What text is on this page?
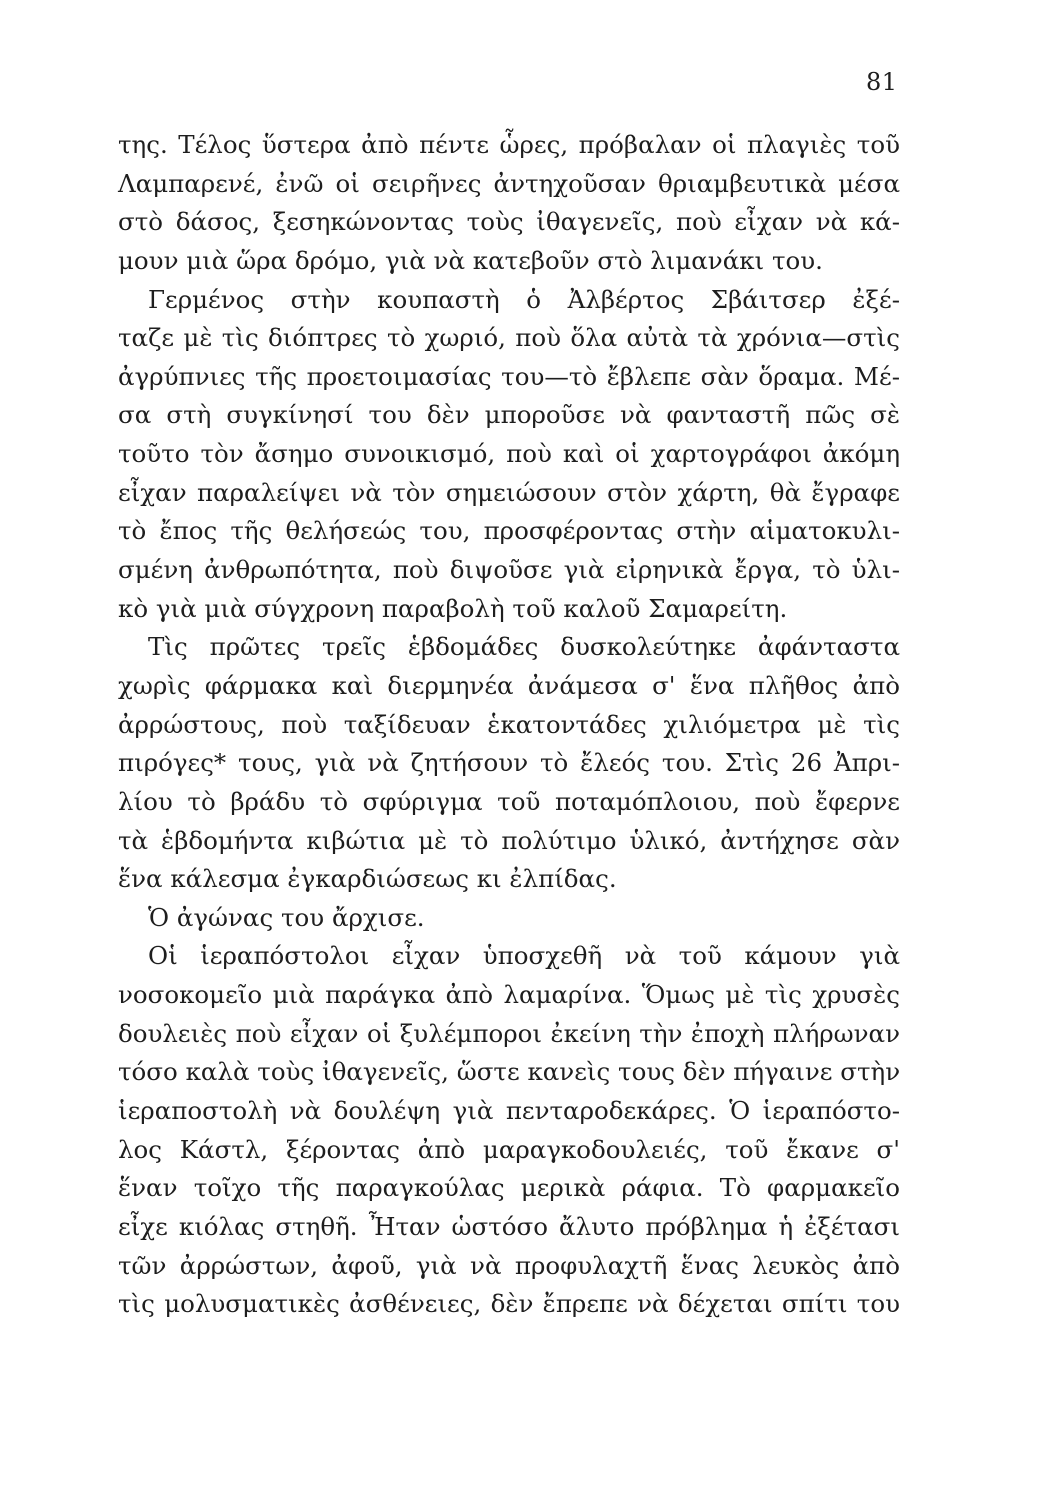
81
της. Τέλος ὕστερα ἀπὸ πέντε ὧρες, πρόβαλαν οἱ πλαγιὲς τοῦ
Λαμπαρενέ, ἐνῶ οἱ σειρῆνες ἀντηχοῦσαν θριαμβευτικὰ μέσα
στὸ δάσος, ξεσηκώνοντας τοὺς ἰθαγενεῖς, ποὺ εἶχαν νὰ κά-
μουν μιὰ ὥρα δρόμο, γιὰ νὰ κατεβοῦν στὸ λιμανάκι του.
Γερμένος στὴν κουπαστὴ ὁ Ἀλβέρτος Σβάιτσερ ἐξέ-
ταζε μὲ τὶς διόπτρες τὸ χωριό, ποὺ ὅλα αὐτὰ τὰ χρόνια—στὶς
ἀγρύπνιες τῆς προετοιμασίας του—τὸ ἔβλεπε σὰν ὅραμα. Μέ-
σα στὴ συγκίνησί του δὲν μποροῦσε νὰ φανταστῆ πῶς σὲ
τοῦτο τὸν ἄσημο συνοικισμό, ποὺ καὶ οἱ χαρτογράφοι ἀκόμη
εἶχαν παραλείψει νὰ τὸν σημειώσουν στὸν χάρτη, θὰ ἔγραφε
τὸ ἔπος τῆς θελήσεώς του, προσφέροντας στὴν αἱματοκυλι-
σμένη ἀνθρωπότητα, ποὺ διψοῦσε γιὰ εἰρηνικὰ ἔργα, τὸ ὑλι-
κὸ γιὰ μιὰ σύγχρονη παραβολὴ τοῦ καλοῦ Σαμαρείτη.
Τὶς πρῶτες τρεῖς ἑβδομάδες δυσκολεύτηκε ἀφάνταστα
χωρὶς φάρμακα καὶ διερμηνέα ἀνάμεσα σ' ἕνα πλῆθος ἀπὸ
ἀρρώστους, ποὺ ταξίδευαν ἑκατοντάδες χιλιόμετρα μὲ τὶς
πιρόγες* τους, γιὰ νὰ ζητήσουν τὸ ἔλεός του. Στὶς 26 Ἀπρι-
λίου τὸ βράδυ τὸ σφύριγμα τοῦ ποταμόπλοιου, ποὺ ἔφερνε
τὰ ἑβδομήντα κιβώτια μὲ τὸ πολύτιμο ὑλικό, ἀντήχησε σὰν
ἕνα κάλεσμα ἐγκαρδιώσεως κι ἐλπίδας.
Ὁ ἀγώνας του ἄρχισε.
Οἱ ἱεραπόστολοι εἶχαν ὑποσχεθῆ νὰ τοῦ κάμουν γιὰ
νοσοκομεῖο μιὰ παράγκα ἀπὸ λαμαρίνα. Ὅμως μὲ τὶς χρυσὲς
δουλειὲς ποὺ εἶχαν οἱ ξυλέμποροι ἐκείνη τὴν ἐποχὴ πλήρωναν
τόσο καλὰ τοὺς ἰθαγενεῖς, ὥστε κανεὶς τους δὲν πήγαινε στὴν
ἱεραποστολὴ νὰ δουλέψη γιὰ πενταροδεκάρες. Ὁ ἱεραπόστο-
λος Κάστλ, ξέροντας ἀπὸ μαραγκοδουλειές, τοῦ ἔκανε σ'
ἕναν τοῖχο τῆς παραγκούλας μερικὰ ράφια. Τὸ φαρμακεῖο
εἶχε κιόλας στηθῆ. Ἦταν ὡστόσο ἄλυτο πρόβλημα ἡ ἐξέτασι
τῶν ἀρρώστων, ἀφοῦ, γιὰ νὰ προφυλαχτῆ ἕνας λευκὸς ἀπὸ
τὶς μολυσματικὲς ἀσθένειες, δὲν ἔπρεπε νὰ δέχεται σπίτι του
